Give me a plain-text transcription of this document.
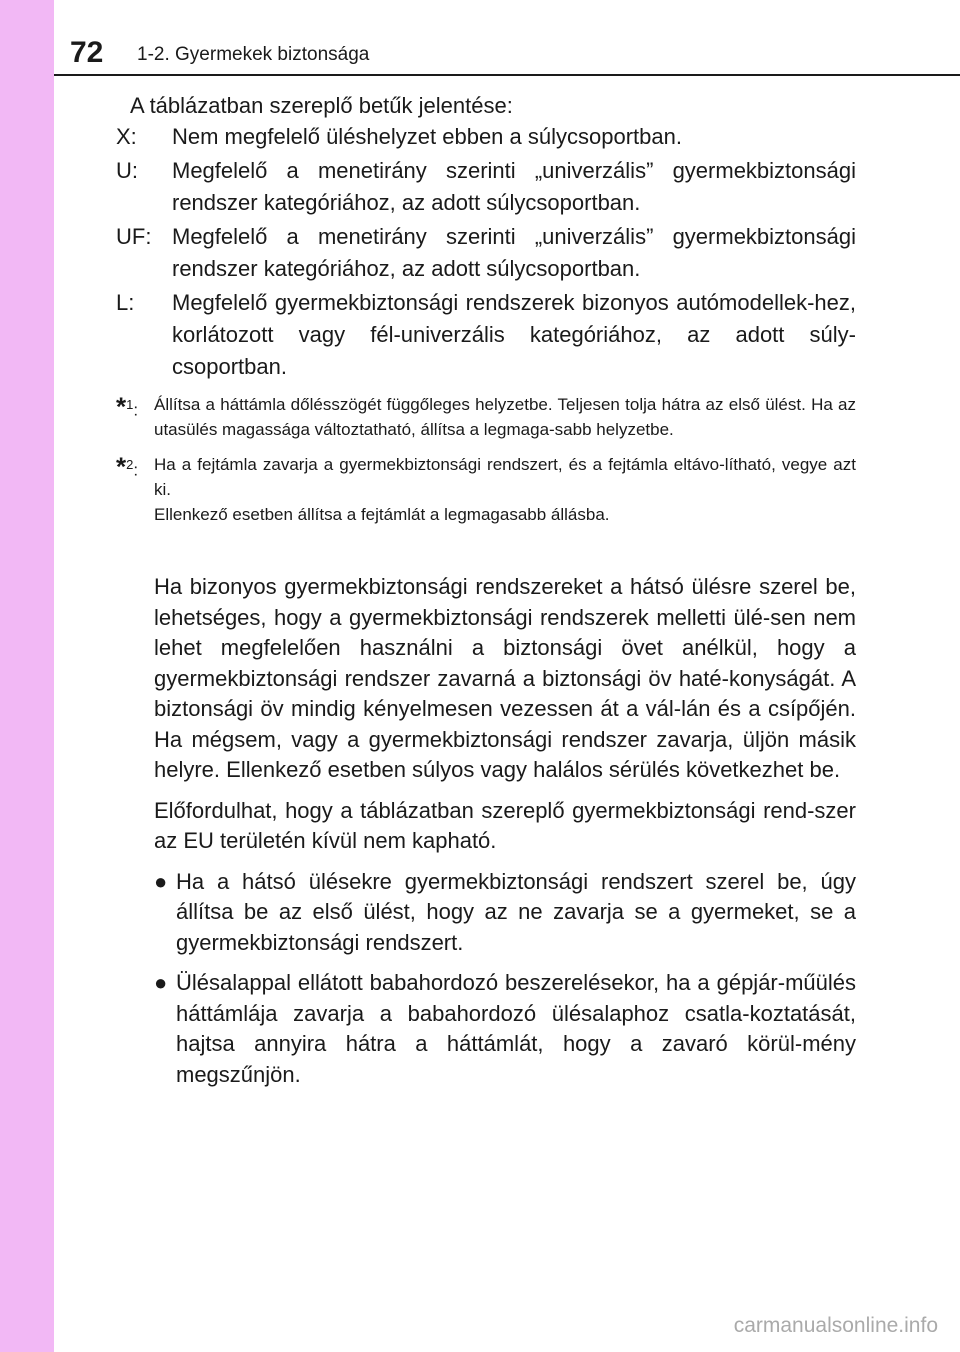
72 1-2. Gyermekek biztonsága
A táblázatban szereplő betűk jelentése:
X:	Nem megfelelő üléshelyzet ebben a súlycsoportban.
U:	Megfelelő a menetirány szerinti „univerzális” gyermekbiztonsági rendszer kategóriához, az adott súlycsoportban.
UF: Megfelelő a menetirány szerinti „univerzális” gyermekbiztonsági rendszer kategóriához, az adott súlycsoportban.
L:	Megfelelő gyermekbiztonsági rendszerek bizonyos autómodellek-hez, korlátozott vagy fél-univerzális kategóriához, az adott súly-csoportban.
*$^1$: Állítsa a háttámla dőlésszögét függőleges helyzetbe. Teljesen tolja hátra az első ülést. Ha az utasülés magassága változtatható, állítsa a legmaga-sabb helyzetbe.
*$^2$: Ha a fejtámla zavarja a gyermekbiztonsági rendszert, és a fejtámla eltávo-lítható, vegye azt ki.
Ellenkező esetben állítsa a fejtámlát a legmagasabb állásba.

Ha bizonyos gyermekbiztonsági rendszereket a hátsó ülésre szerel be, lehetséges, hogy a gyermekbiztonsági rendszerek melletti ülé-sen nem lehet megfelelően használni a biztonsági övet anélkül, hogy a gyermekbiztonsági rendszer zavarná a biztonsági öv haté-konyságát. A biztonsági öv mindig kényelmesen vezessen át a vál-lán és a csípőjén. Ha mégsem, vagy a gyermekbiztonsági rendszer zavarja, üljön másik helyre. Ellenkező esetben súlyos vagy halálos sérülés következhet be.

Előfordulhat, hogy a táblázatban szereplő gyermekbiztonsági rend-szer az EU területén kívül nem kapható.

● Ha a hátsó ülésekre gyermekbiztonsági rendszert szerel be, úgy állítsa be az első ülést, hogy az ne zavarja se a gyermeket, se a gyermekbiztonsági rendszert.
● Ülésalappal ellátott babahordozó beszerelésekor, ha a gépjár-műülés háttámlája zavarja a babahordozó ülésalaphoz csatla-koztatását, hajtsa annyira hátra a háttámlát, hogy a zavaró körül-mény megszűnjön.
carmanualsonline.info
